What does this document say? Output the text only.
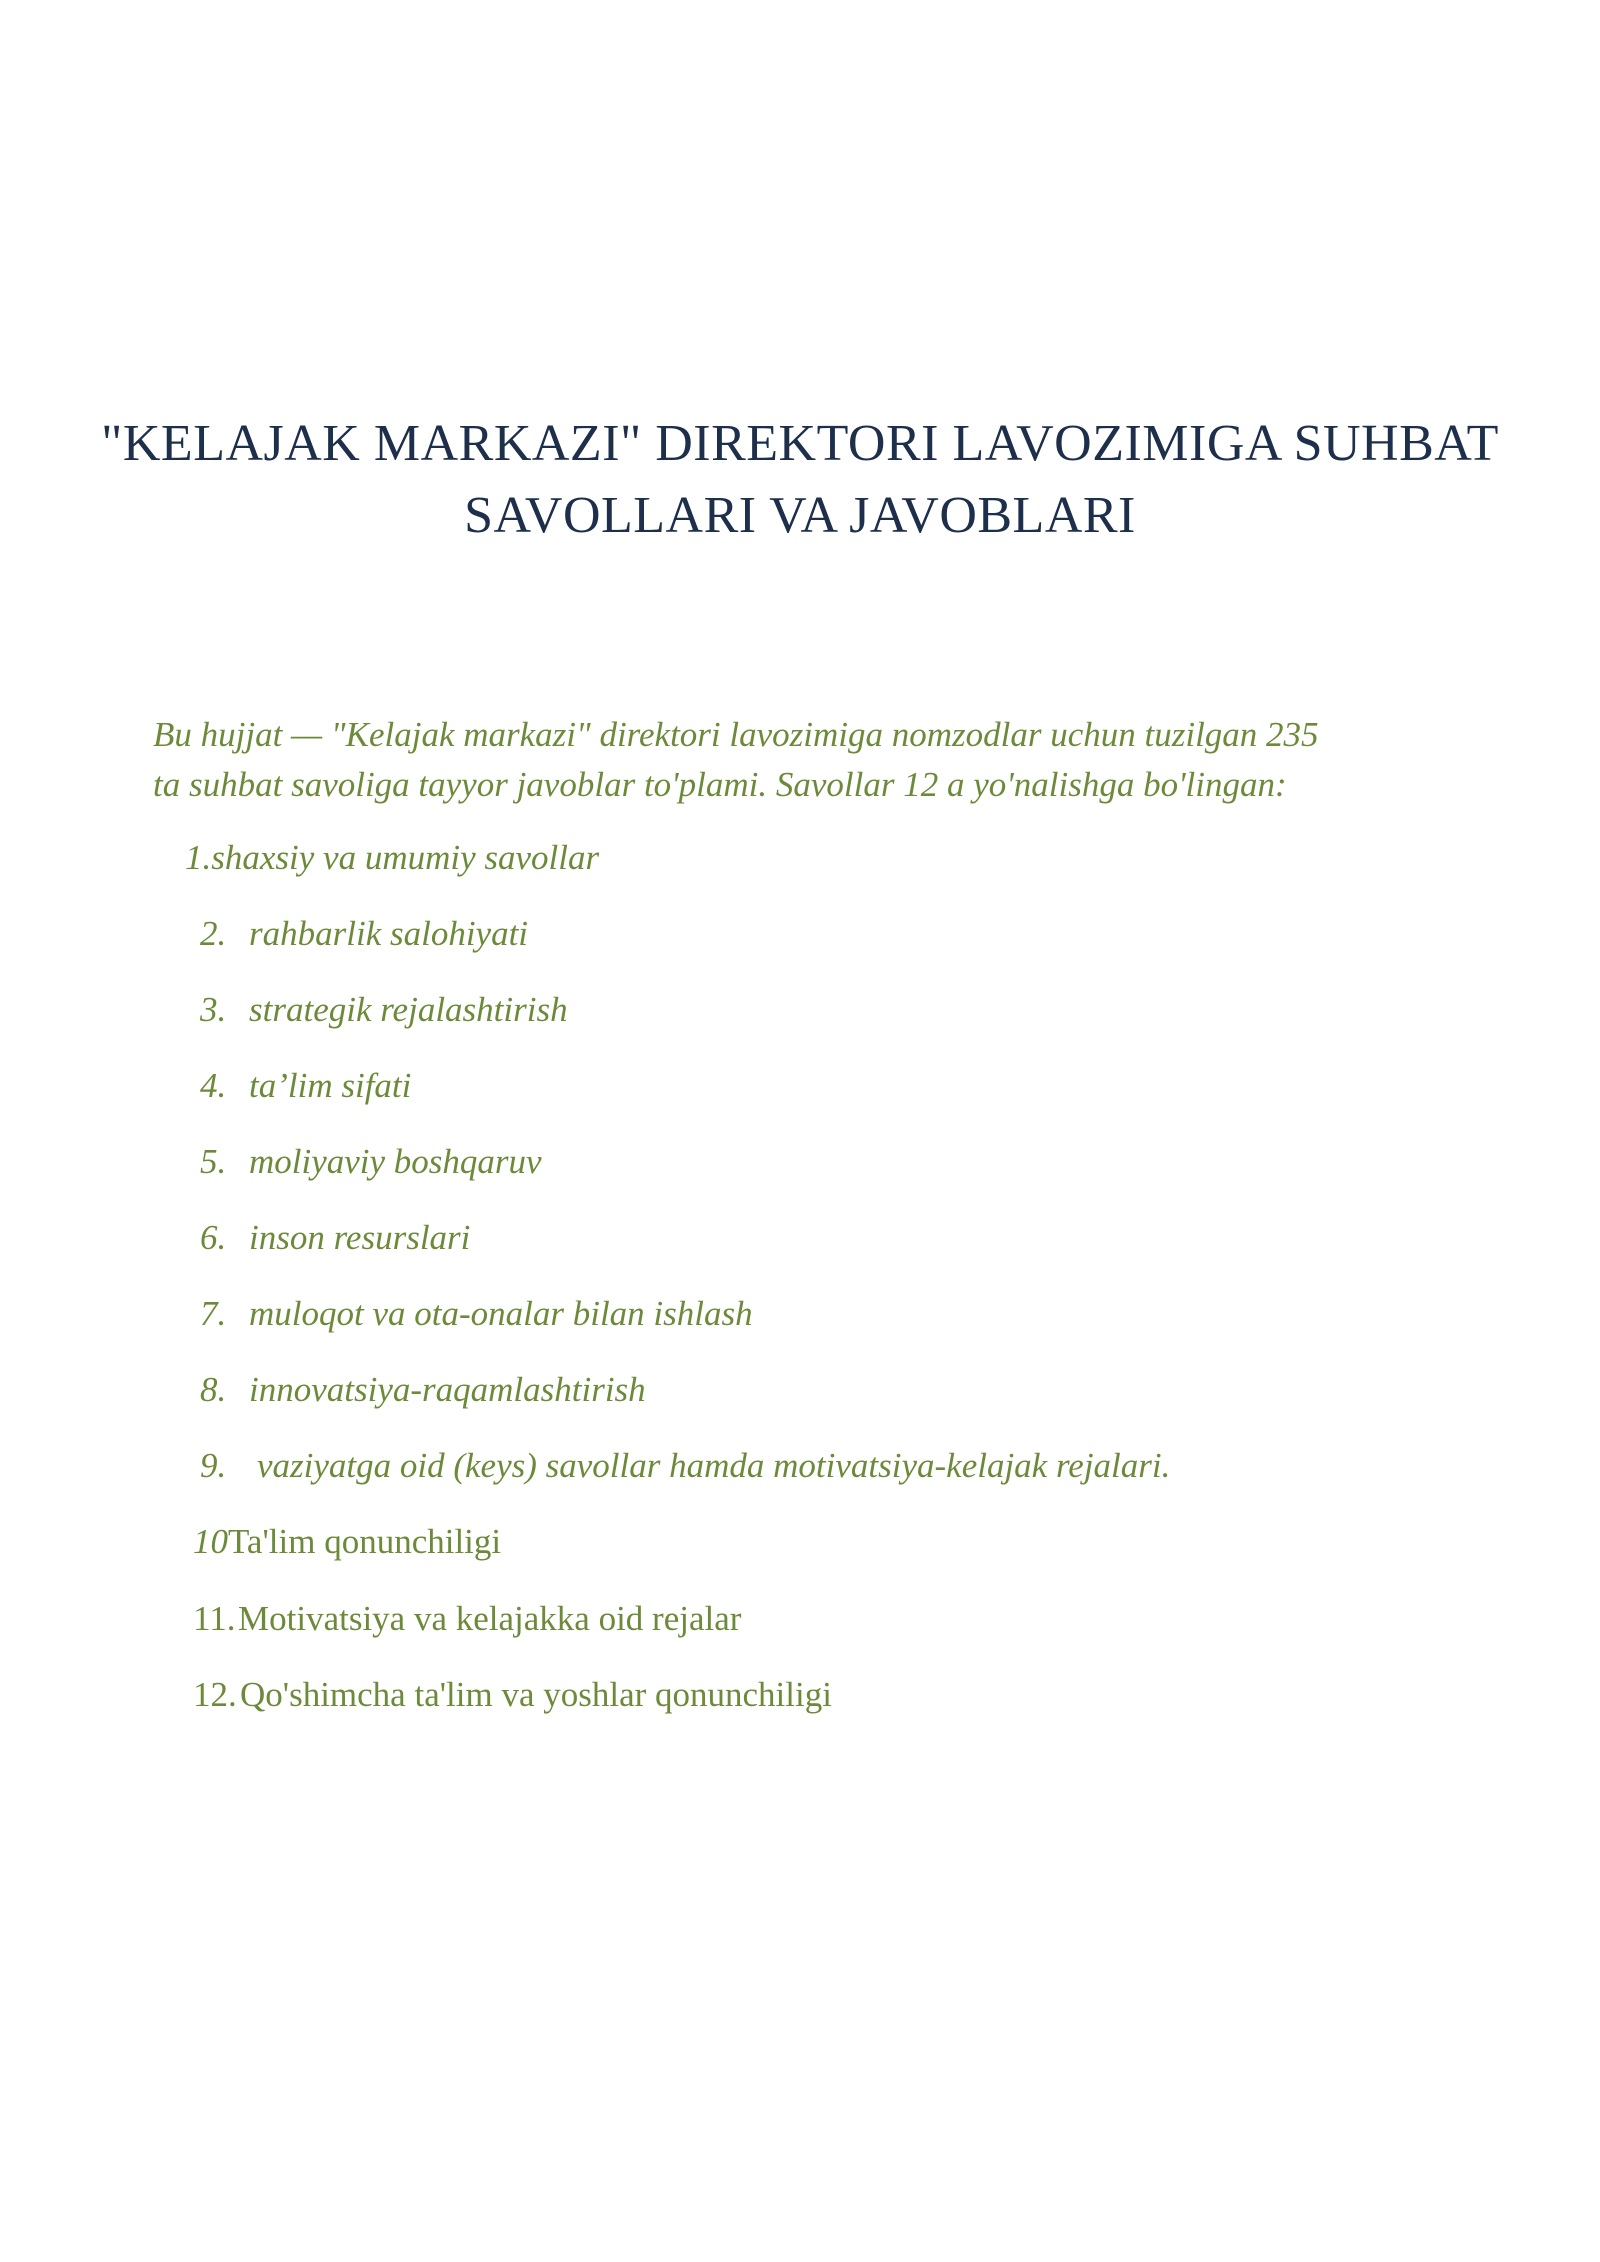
"KELAJAK MARKAZI" DIREKTORI LAVOZIMIGA SUHBAT
SAVOLLARI VA JAVOBLARI

Bu hujjat — "Kelajak markazi" direktori lavozimiga nomzodlar uchun tuzilgan 235
ta suhbat savoliga tayyor javoblar to'plami. Savollar 12 a yo'nalishga bo'lingan:

1.shaxsiy va umumiy savollar
2. rahbarlik salohiyati
3. strategik rejalashtirish
4. ta’lim sifati
5. moliyaviy boshqaruv
6. inson resurslari
7. muloqot va ota-onalar bilan ishlash
8. innovatsiya-raqamlashtirish
9. vaziyatga oid (keys) savollar hamda motivatsiya-kelajak rejalari.
10Ta'lim qonunchiligi
11.Motivatsiya va kelajakka oid rejalar
12.Qo'shimcha ta'lim va yoshlar qonunchiligi
